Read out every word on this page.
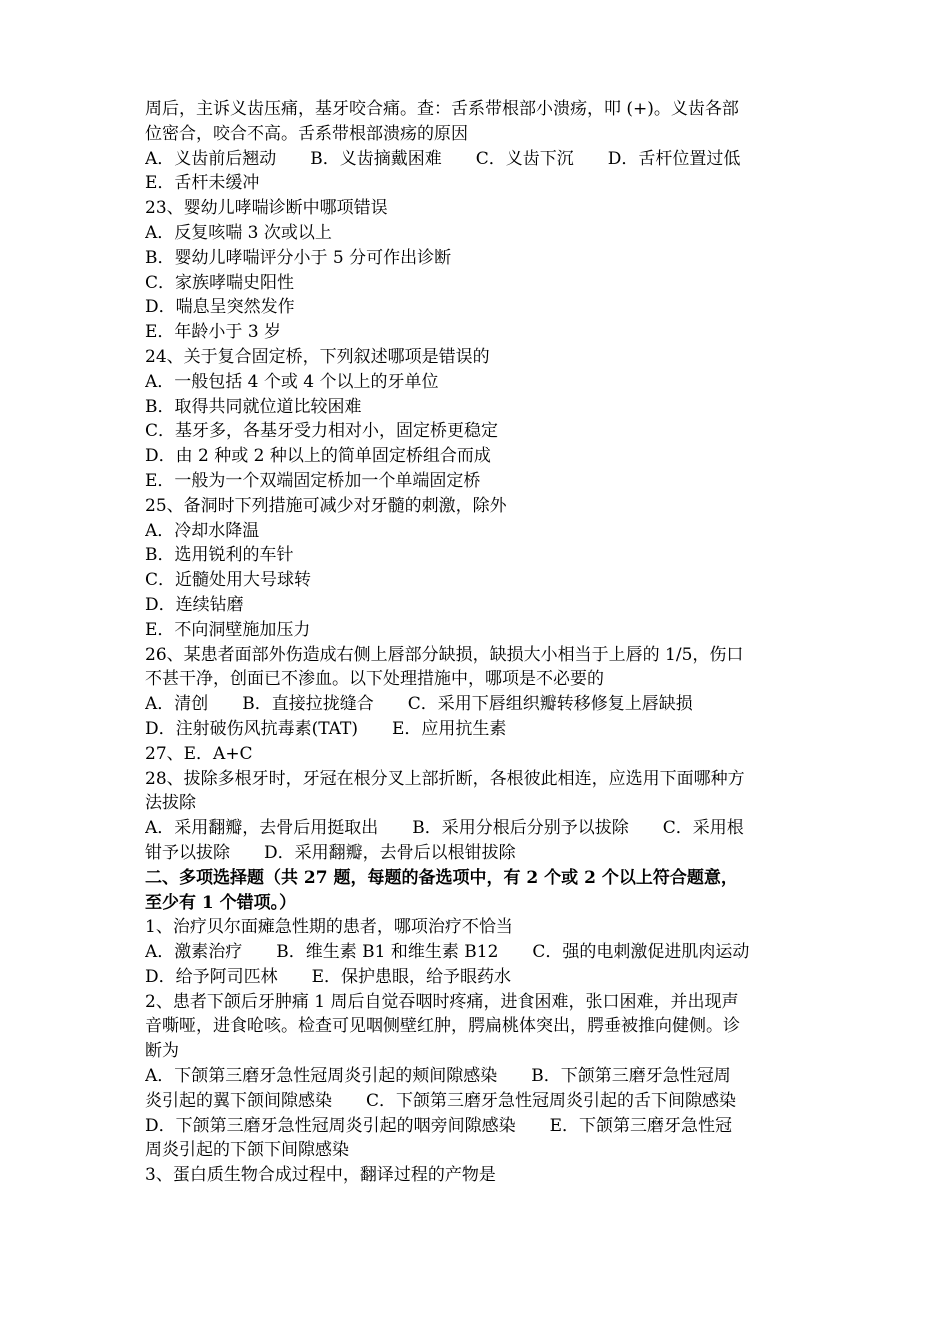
周后，主诉义齿压痛，基牙咬合痛。查：舌系带根部小溃疡，叩 (+)。义齿各部
位密合，咬合不高。舌系带根部溃疡的原因
A．义齿前后翘动　　B．义齿摘戴困难　　C．义齿下沉　　D．舌杆位置过低
E．舌杆未缓冲
23、婴幼儿哮喘诊断中哪项错误
A．反复咳喘 3 次或以上
B．婴幼儿哮喘评分小于 5 分可作出诊断
C．家族哮喘史阳性
D．喘息呈突然发作
E．年龄小于 3 岁
24、关于复合固定桥，下列叙述哪项是错误的
A．一般包括 4 个或 4 个以上的牙单位
B．取得共同就位道比较困难
C．基牙多，各基牙受力相对小，固定桥更稳定
D．由 2 种或 2 种以上的简单固定桥组合而成
E．一般为一个双端固定桥加一个单端固定桥
25、备洞时下列措施可减少对牙髓的刺激，除外
A．冷却水降温
B．选用锐利的车针
C．近髓处用大号球转
D．连续钻磨
E．不向洞壁施加压力
26、某患者面部外伤造成右侧上唇部分缺损，缺损大小相当于上唇的 1/5，伤口
不甚干净，创面已不渗血。以下处理措施中，哪项是不必要的
A．清创　　B．直接拉拢缝合　　C．采用下唇组织瓣转移修复上唇缺损
D．注射破伤风抗毒素(TAT)　　E．应用抗生素
27、E．A+C
28、拔除多根牙时，牙冠在根分叉上部折断，各根彼此相连，应选用下面哪种方
法拔除
A．采用翻瓣，去骨后用挺取出　　B．采用分根后分别予以拔除　　C．采用根
钳予以拔除　　D．采用翻瓣，去骨后以根钳拔除
二、多项选择题（共 27 题，每题的备选项中，有 2 个或 2 个以上符合题意，
至少有 1 个错项。）
1、治疗贝尔面瘫急性期的患者，哪项治疗不恰当
A．激素治疗　　B．维生素 B1 和维生素 B12　　C．强的电刺激促进肌肉运动
D．给予阿司匹林　　E．保护患眼，给予眼药水
2、患者下颌后牙肿痛 1 周后自觉吞咽时疼痛，进食困难，张口困难，并出现声
音嘶哑，进食呛咳。检查可见咽侧壁红肿，腭扁桃体突出，腭垂被推向健侧。诊
断为
A．下颌第三磨牙急性冠周炎引起的颊间隙感染　　B．下颌第三磨牙急性冠周
炎引起的翼下颌间隙感染　　C．下颌第三磨牙急性冠周炎引起的舌下间隙感染
D．下颌第三磨牙急性冠周炎引起的咽旁间隙感染　　E．下颌第三磨牙急性冠
周炎引起的下颌下间隙感染
3、蛋白质生物合成过程中，翻译过程的产物是
